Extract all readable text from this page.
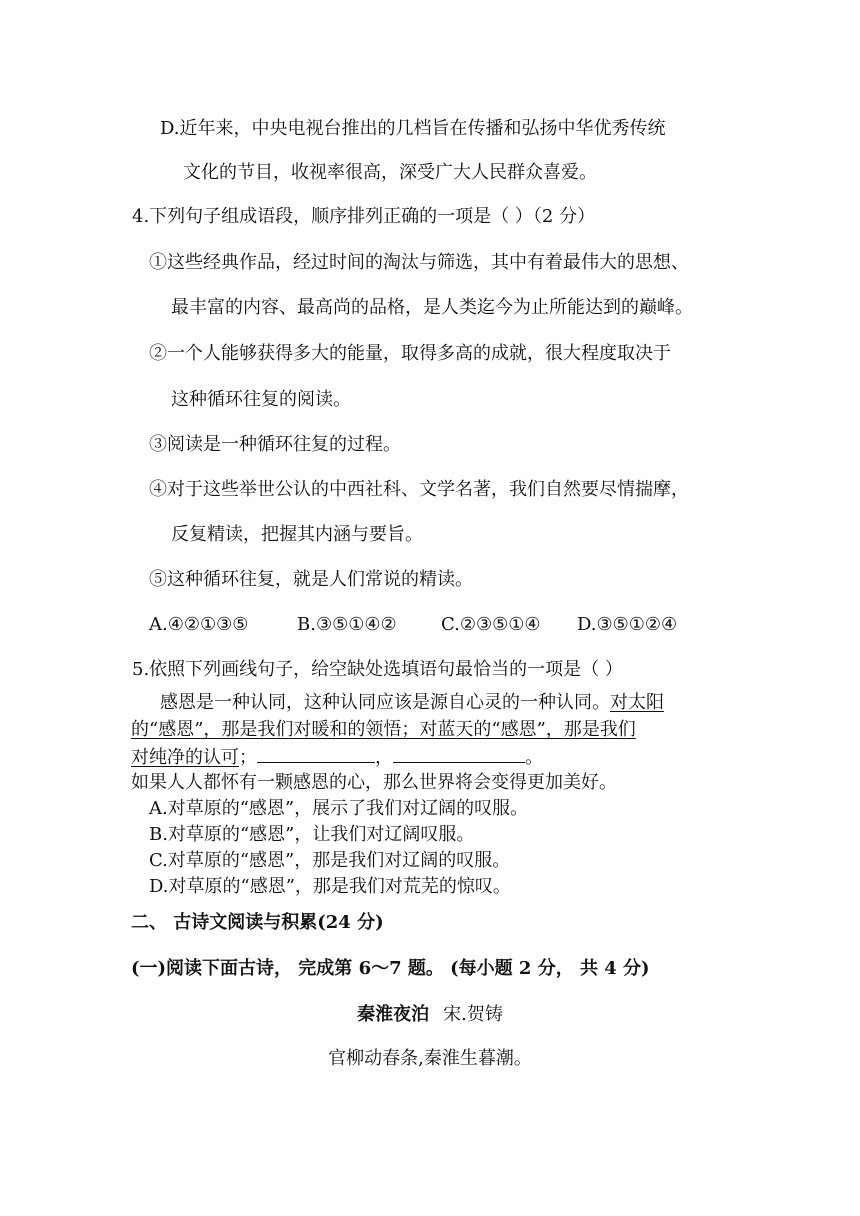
D.近年来，中央电视台推出的几档旨在传播和弘扬中华优秀传统
文化的节目，收视率很高，深受广大人民群众喜爱。
4.下列句子组成语段，顺序排列正确的一项是（ ）（2 分）
①这些经典作品，经过时间的淘汰与筛选，其中有着最伟大的思想、
最丰富的内容、最高尚的品格，是人类迄今为止所能达到的巅峰。
②一个人能够获得多大的能量，取得多高的成就，很大程度取决于
这种循环往复的阅读。
③阅读是一种循环往复的过程。
④对于这些举世公认的中西社科、文学名著，我们自然要尽情揣摩，
反复精读，把握其内涵与要旨。
⑤这种循环往复，就是人们常说的精读。
A.④②①③⑤	B.③⑤①④② C.②③⑤①④ D.③⑤①②④
5.依照下列画线句子，给空缺处选填语句最恰当的一项是（ ）
感恩是一种认同，这种认同应该是源自心灵的一种认同。对太阳
的“感恩”，那是我们对暖和的领悟；对蓝天的“感恩”，那是我们
对纯净的认可；	，	。
如果人人都怀有一颗感恩的心，那么世界将会变得更加美好。
A.对草原的“感恩”，展示了我们对辽阔的叹服。
B.对草原的“感恩”，让我们对辽阔叹服。
C.对草原的“感恩”，那是我们对辽阔的叹服。
D.对草原的“感恩”，那是我们对荒芜的惊叹。
二、 古诗文阅读与积累(24 分)
(一)阅读下面古诗， 完成第 6～7 题。 (每小题 2 分， 共 4 分)
秦淮夜泊 宋.贺铸
官柳动春条,秦淮生暮潮。
